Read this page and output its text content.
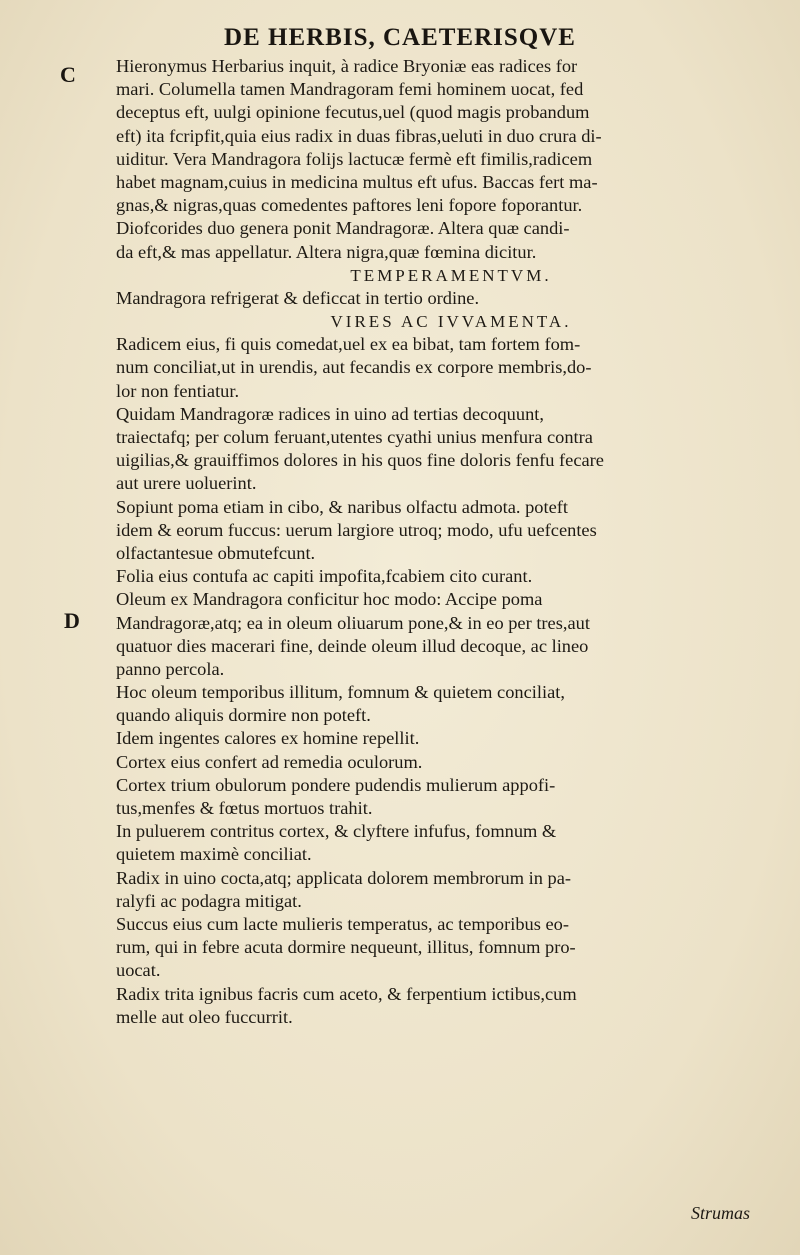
DE HERBIS, CAETERISQVE
C
D
Hieronymus Herbarius inquit, à radice Bryoniæ eas radices for
mari. Columella tamen Mandragoram femi hominem uocat, fed
deceptus eft, uulgi opinione fecutus,uel (quod magis probandum
eft) ita fcripfit,quia eius radix in duas fibras,ueluti in duo crura di-
uiditur. Vera Mandragora folijs lactucæ fermè eft fimilis,radicem
habet magnam,cuius in medicina multus eft ufus. Baccas fert ma-
gnas,& nigras,quas comedentes paftores leni fopore foporantur.
Diofcorides duo genera ponit Mandragoræ. Altera quæ candi-
da eft,& mas appellatur. Altera nigra,quæ fœmina dicitur.
TEMPERAMENTVM.
Mandragora refrigerat & deficcat in tertio ordine.
VIRES AC IVVAMENTA.
Radicem eius, fi quis comedat,uel ex ea bibat, tam fortem fom-
num conciliat,ut in urendis, aut fecandis ex corpore membris,do-
lor non fentiatur.
Quidam Mandragoræ radices in uino ad tertias decoquunt,
traiectafq; per colum feruant,utentes cyathi unius menfura contra
uigilias,& grauiffimos dolores in his quos fine doloris fenfu fecare
aut urere uoluerint.
Sopiunt poma etiam in cibo, & naribus olfactu admota. poteft
idem & eorum fuccus: uerum largiore utroq; modo, ufu uefcentes
olfactantesue obmutefcunt.
Folia eius contufa ac capiti impofita,fcabiem cito curant.
Oleum ex Mandragora conficitur hoc modo: Accipe poma
Mandragoræ,atq; ea in oleum oliuarum pone,& in eo per tres,aut
quatuor dies macerari fine, deinde oleum illud decoque, ac lineo
panno percola.
Hoc oleum temporibus illitum, fomnum & quietem conciliat,
quando aliquis dormire non poteft.
Idem ingentes calores ex homine repellit.
Cortex eius confert ad remedia oculorum.
Cortex trium obulorum pondere pudendis mulierum appofi-
tus,menfes & fœtus mortuos trahit.
In puluerem contritus cortex, & clyftere infufus, fomnum &
quietem maximè conciliat.
Radix in uino cocta,atq; applicata dolorem membrorum in pa-
ralyfi ac podagra mitigat.
Succus eius cum lacte mulieris temperatus, ac temporibus eo-
rum, qui in febre acuta dormire nequeunt, illitus, fomnum pro-
uocat.
Radix trita ignibus facris cum aceto, & ferpentium ictibus,cum
melle aut oleo fuccurrit.
Strumas
